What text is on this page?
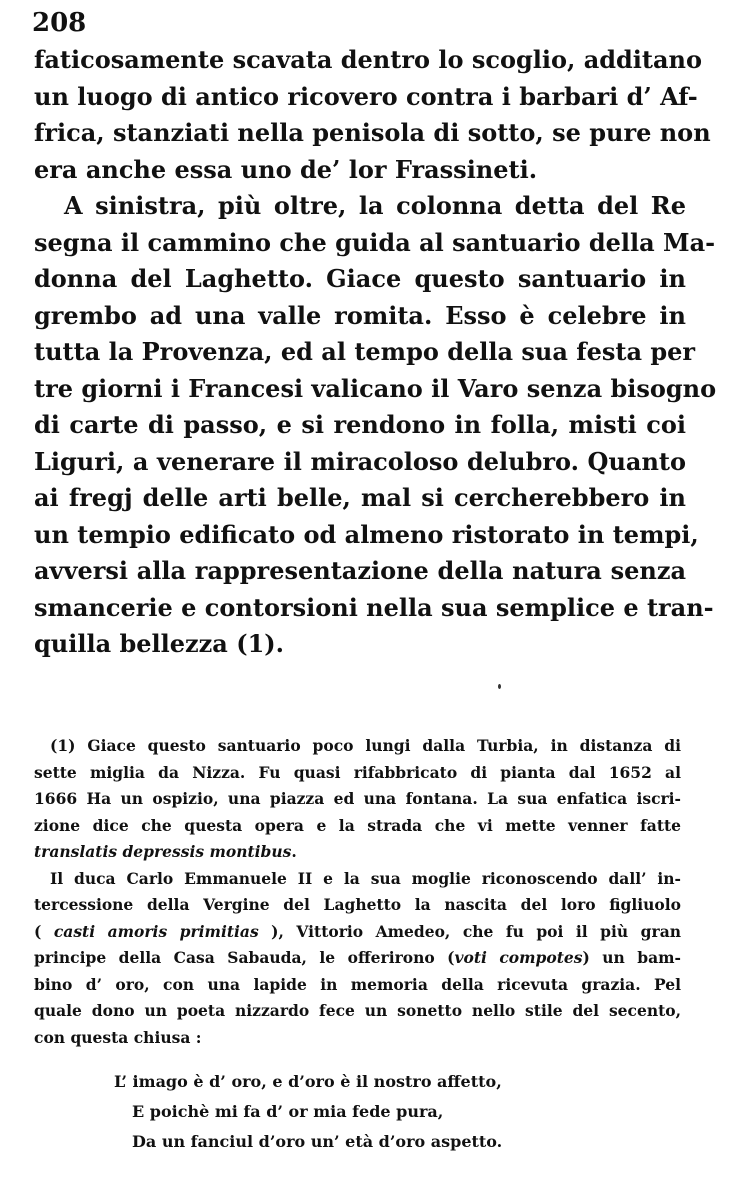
208
faticosamente scavata dentro lo scoglio, additano
un luogo di antico ricovero contra i barbari d’ Af-
frica, stanziati nella penisola di sotto, se pure non
era anche essa uno de’ lor Frassineti.
A sinistra, più oltre, la colonna detta del Re
segna il cammino che guida al santuario della Ma-
donna del Laghetto. Giace questo santuario in
grembo ad una valle romita. Esso è celebre in
tutta la Provenza, ed al tempo della sua festa per
tre giorni i Francesi valicano il Varo senza bisogno
di carte di passo, e si rendono in folla, misti coi
Liguri, a venerare il miracoloso delubro. Quanto
ai fregj delle arti belle, mal si cercherebbero in
un tempio edificato od almeno ristorato in tempi,
avversi alla rappresentazione della natura senza
smancerie e contorsioni nella sua semplice e tran-
quilla bellezza (1).
(1) Giace questo santuario poco lungi dalla Turbia, in distanza di
sette miglia da Nizza. Fu quasi rifabbricato di pianta dal 1652 al
1666 Ha un ospizio, una piazza ed una fontana. La sua enfatica iscri-
zione dice che questa opera e la strada che vi mette venner fatte
translatis depressis montibus.
Il duca Carlo Emmanuele II e la sua moglie riconoscendo dall’ in-
tercessione della Vergine del Laghetto la nascita del loro figliuolo
( casti amoris primitias ), Vittorio Amedeo, che fu poi il più gran
principe della Casa Sabauda, le offerirono (voti compotes) un bam-
bino d’ oro, con una lapide in memoria della ricevuta grazia. Pel
quale dono un poeta nizzardo fece un sonetto nello stile del secento,
con questa chiusa :
L’ imago è d’ oro, e d’oro è il nostro affetto,
E poichè mi fa d’ or mia fede pura,
Da un fanciul d’oro un’ età d’oro aspetto.
